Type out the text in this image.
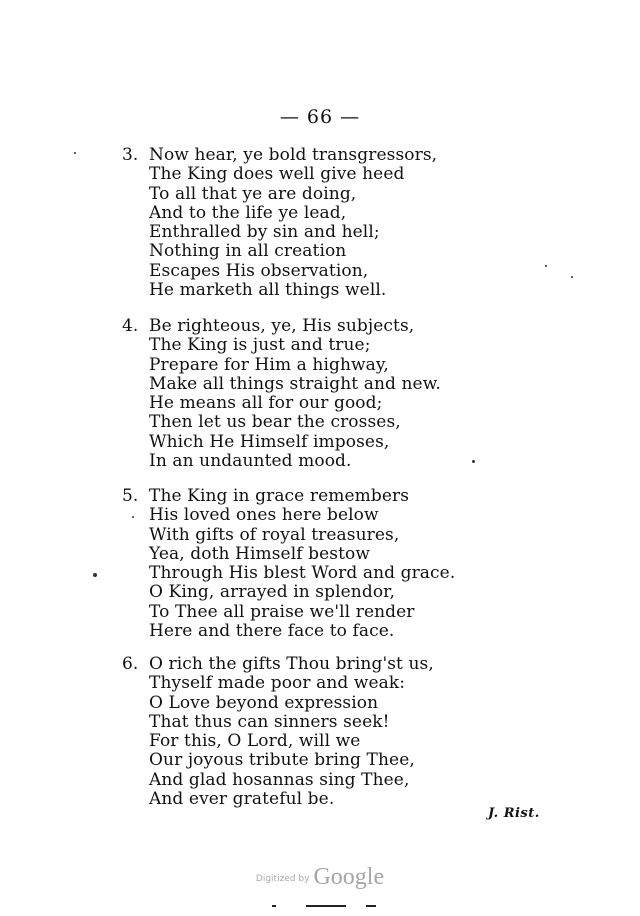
— 66 —
3. Now hear, ye bold transgressors,
The King does well give heed
To all that ye are doing,
And to the life ye lead,
Enthralled by sin and hell;
Nothing in all creation
Escapes His observation,
He marketh all things well.
4. Be righteous, ye, His subjects,
The King is just and true;
Prepare for Him a highway,
Make all things straight and new.
He means all for our good;
Then let us bear the crosses,
Which He Himself imposes,
In an undaunted mood.
5. The King in grace remembers
His loved ones here below
With gifts of royal treasures,
Yea, doth Himself bestow
Through His blest Word and grace.
O King, arrayed in splendor,
To Thee all praise we'll render
Here and there face to face.
6. O rich the gifts Thou bring'st us,
Thyself made poor and weak:
O Love beyond expression
That thus can sinners seek!
For this, O Lord, will we
Our joyous tribute bring Thee,
And glad hosannas sing Thee,
And ever grateful be.
J. Rist.
Digitized by Google
